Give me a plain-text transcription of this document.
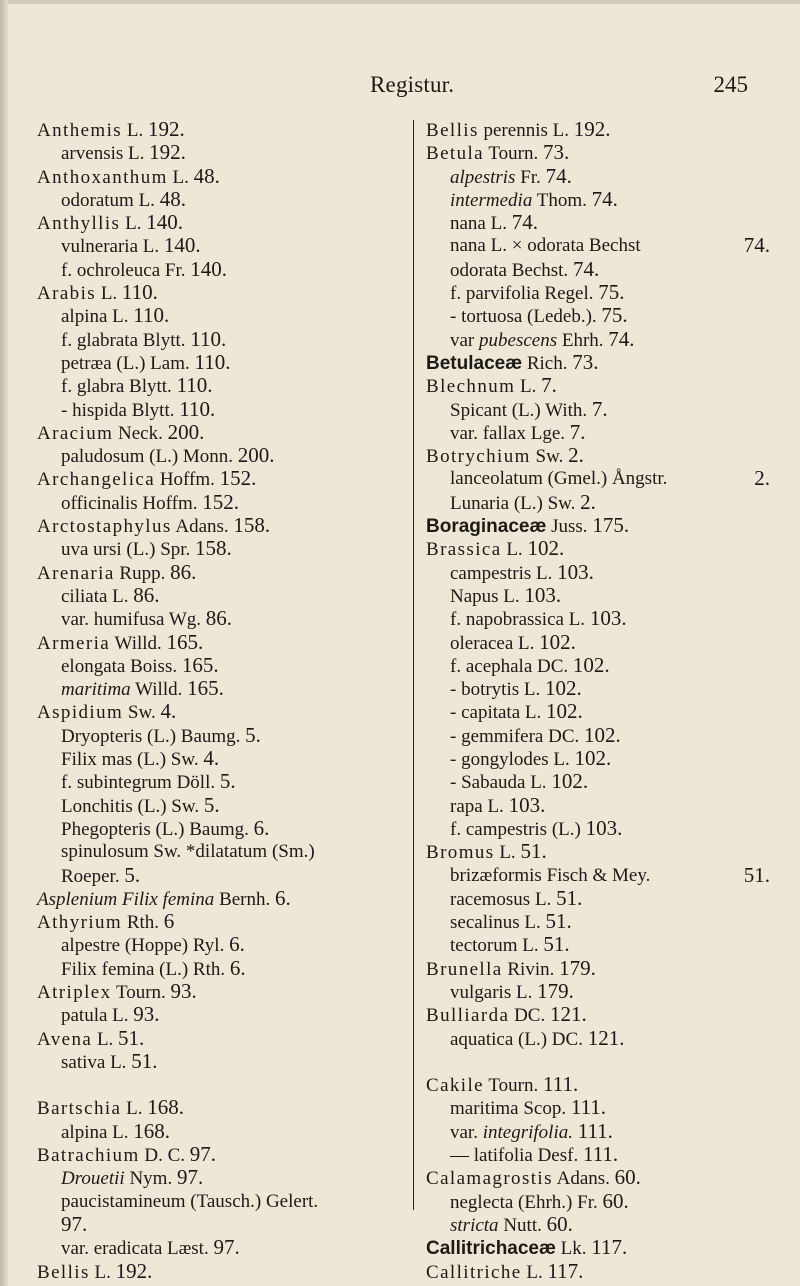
Registur.	245
Anthemis L. 192.
arvensis L. 192.
Anthoxanthum L. 48.
odoratum L. 48.
Anthyllis L. 140.
vulneraria L. 140.
f. ochroleuca Fr. 140.
Arabis L. 110.
alpina L. 110.
f. glabrata Blytt. 110.
petræa (L.) Lam. 110.
f. glabra Blytt. 110.
- hispida Blytt. 110.
Aracium Neck. 200.
paludosum (L.) Monn. 200.
Archangelica Hoffm. 152.
officinalis Hoffm. 152.
Arctostaphylus Adans. 158.
uva ursi (L.) Spr. 158.
Arenaria Rupp. 86.
ciliata L. 86.
var. humifusa Wg. 86.
Armeria Willd. 165.
elongata Boiss. 165.
maritima Willd. 165.
Aspidium Sw. 4.
Dryopteris (L.) Baumg. 5.
Filix mas (L.) Sw. 4.
f. subintegrum Döll. 5.
Lonchitis (L.) Sw. 5.
Phegopteris (L.) Baumg. 6.
spinulosum Sw. *dilatatum (Sm.)
Roeper. 5.
Asplenium Filix femina Bernh. 6.
Athyrium Rth. 6
alpestre (Hoppe) Ryl. 6.
Filix femina (L.) Rth. 6.
Atriplex Tourn. 93.
patula L. 93.
Avena L. 51.
sativa L. 51.
Bartschia L. 168.
alpina L. 168.
Batrachium D. C. 97.
Drouetii Nym. 97.
paucistamineum (Tausch.) Gelert.
97.
var. eradicata Læst. 97.
Bellis L. 192.
Bellis perennis L. 192.
Betula Tourn. 73.
alpestris Fr. 74.
intermedia Thom. 74.
nana L. 74.
nana L. × odorata Bechst	74.
odorata Bechst. 74.
f. parvifolia Regel. 75.
- tortuosa (Ledeb.). 75.
var pubescens Ehrh. 74.
Betulaceæ Rich. 73.
Blechnum L. 7.
Spicant (L.) With. 7.
var. fallax Lge. 7.
Botrychium Sw. 2.
lanceolatum (Gmel.) Ångstr.	2.
Lunaria (L.) Sw. 2.
Boraginaceæ Juss. 175.
Brassica L. 102.
campestris L. 103.
Napus L. 103.
f. napobrassica L. 103.
oleracea L. 102.
f. acephala DC. 102.
- botrytis L. 102.
- capitata L. 102.
- gemmifera DC. 102.
- gongylodes L. 102.
- Sabauda L. 102.
rapa L. 103.
f. campestris (L.) 103.
Bromus L. 51.
brizæformis Fisch & Mey.	51.
racemosus L. 51.
secalinus L. 51.
tectorum L. 51.
Brunella Rivin. 179.
vulgaris L. 179.
Bulliarda DC. 121.
aquatica (L.) DC. 121.
Cakile Tourn. 111.
maritima Scop. 111.
var. integrifolia. 111.
— latifolia Desf. 111.
Calamagrostis Adans. 60.
neglecta (Ehrh.) Fr. 60.
stricta Nutt. 60.
Callitrichaceæ Lk. 117.
Callitriche L. 117.
